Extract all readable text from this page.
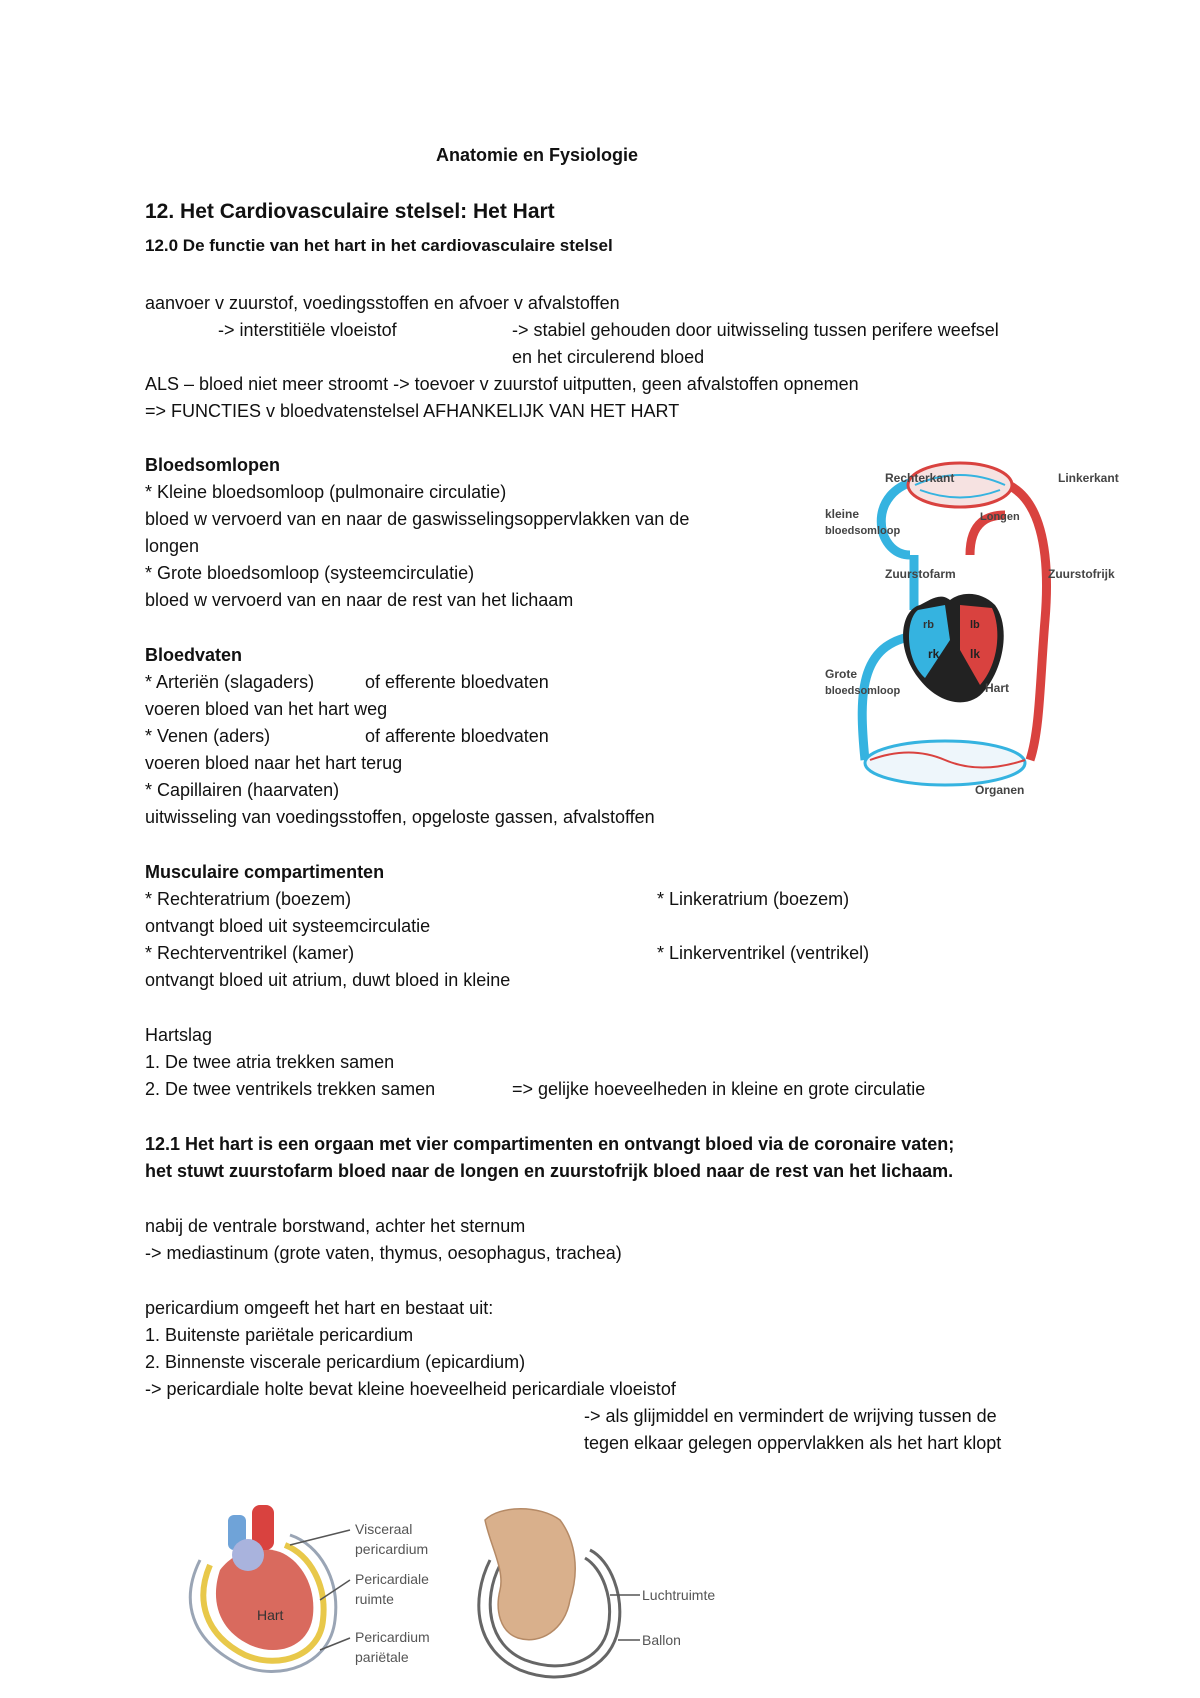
Anatomie en Fysiologie
12. Het Cardiovasculaire stelsel: Het Hart
12.0 De functie van het hart in het cardiovasculaire stelsel
aanvoer v zuurstof, voedingsstoffen en afvoer v afvalstoffen
-> interstitiële vloeistof	-> stabiel gehouden door uitwisseling tussen perifere weefsel
en het circulerend bloed
ALS – bloed niet meer stroomt -> toevoer v zuurstof uitputten, geen afvalstoffen opnemen
=> FUNCTIES v bloedvatenstelsel AFHANKELIJK VAN HET HART
Bloedsomlopen
* Kleine bloedsomloop (pulmonaire circulatie)
bloed w vervoerd van en naar de gaswisselingsoppervlakken van de
longen
* Grote bloedsomloop (systeemcirculatie)
bloed w vervoerd van en naar de rest van het lichaam
Bloedvaten
* Arteriën (slagaders)	of efferente bloedvaten
voeren bloed van het hart weg
* Venen (aders)	of afferente bloedvaten
voeren bloed naar het hart terug
* Capillairen (haarvaten)
uitwisseling van voedingsstoffen, opgeloste gassen, afvalstoffen
Musculaire compartimenten
* Rechteratrium (boezem)	* Linkeratrium (boezem)
ontvangt bloed uit systeemcirculatie
* Rechterventrikel (kamer)	* Linkerventrikel (ventrikel)
ontvangt bloed uit atrium, duwt bloed in kleine
Hartslag
1. De twee atria trekken samen
2. De twee ventrikels trekken samen	=> gelijke hoeveelheden in kleine en grote circulatie
12.1 Het hart is een orgaan met vier compartimenten en ontvangt bloed via de coronaire vaten;
het stuwt zuurstofarm bloed naar de longen en zuurstofrijk bloed naar de rest van het lichaam.
nabij de ventrale borstwand, achter het sternum
-> mediastinum (grote vaten, thymus, oesophagus, trachea)
pericardium omgeeft het hart en bestaat uit:
1. Buitenste pariëtale pericardium
2. Binnenste viscerale pericardium (epicardium)
-> pericardiale holte bevat kleine hoeveelheid pericardiale vloeistof
-> als glijmiddel en vermindert de wrijving tussen de
tegen elkaar gelegen oppervlakken als het hart klopt
Rechterkant	Linkerkant
Longen
kleine
bloedsomloop
Zuurstofarm	Zuurstofrijk
rb	lb
rk	lk
Grote
bloedsomloop	Hart
Organen
Hart
Visceraal
pericardium
Pericardiale
ruimte
Pericardium
pariëtale
Luchtruimte
Ballon
